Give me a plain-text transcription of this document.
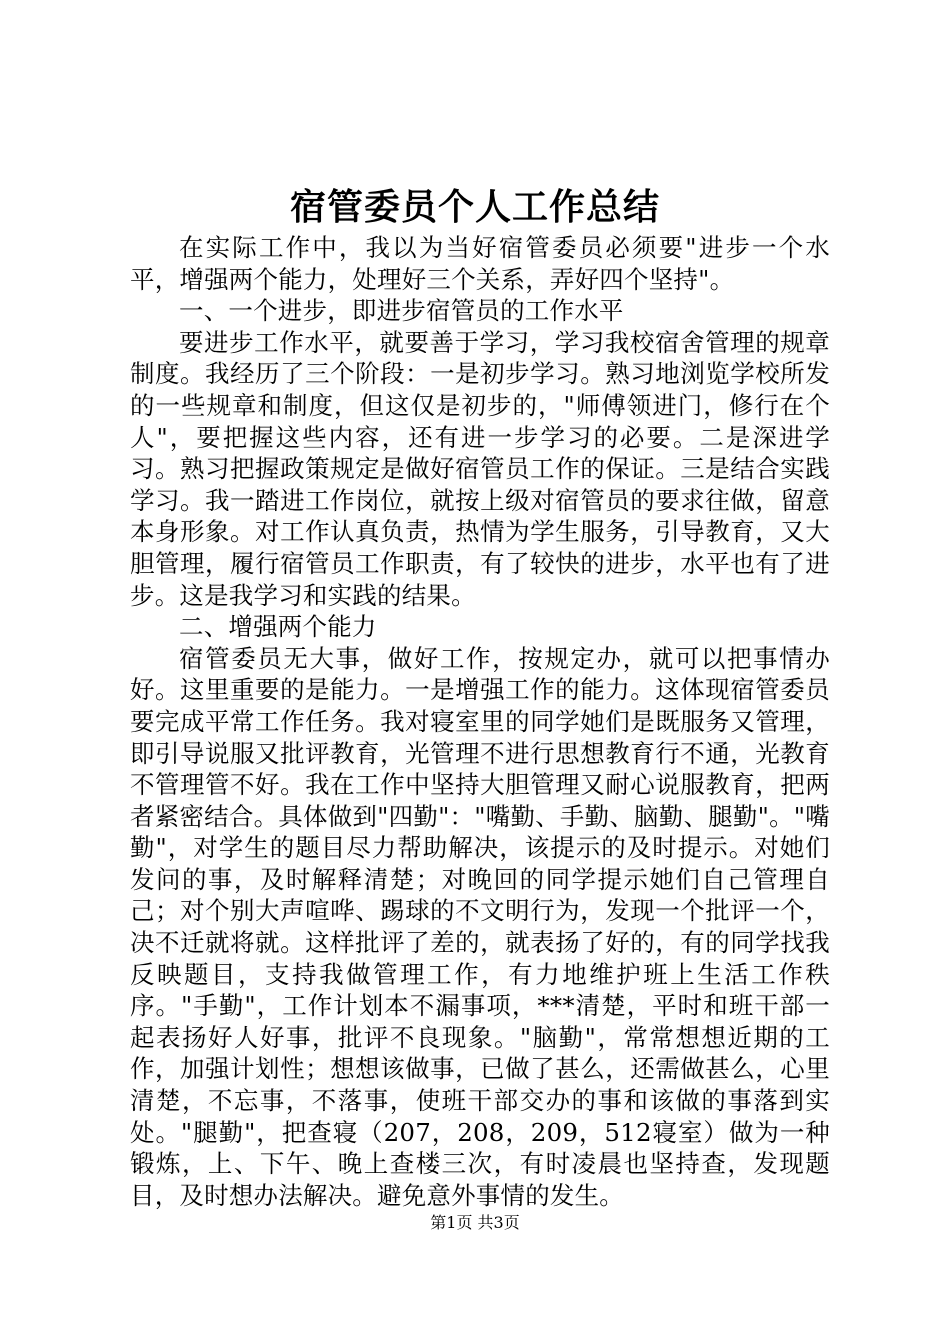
宿管委员个人工作总结

在实际工作中，我以为当好宿管委员必须要"进步一个水平，增强两个能力，处理好三个关系，弄好四个坚持"。

一、一个进步，即进步宿管员的工作水平

要进步工作水平，就要善于学习，学习我校宿舍管理的规章制度。我经历了三个阶段：一是初步学习。熟习地浏览学校所发的一些规章和制度，但这仅是初步的，"师傅领进门，修行在个人"，要把握这些内容，还有进一步学习的必要。二是深进学习。熟习把握政策规定是做好宿管员工作的保证。三是结合实践学习。我一踏进工作岗位，就按上级对宿管员的要求往做，留意本身形象。对工作认真负责，热情为学生服务，引导教育，又大胆管理，履行宿管员工作职责，有了较快的进步，水平也有了进步。这是我学习和实践的结果。

二、增强两个能力

宿管委员无大事，做好工作，按规定办，就可以把事情办好。这里重要的是能力。一是增强工作的能力。这体现宿管委员要完成平常工作任务。我对寝室里的同学她们是既服务又管理，即引导说服又批评教育，光管理不进行思想教育行不通，光教育不管理管不好。我在工作中坚持大胆管理又耐心说服教育，把两者紧密结合。具体做到"四勤"："嘴勤、手勤、脑勤、腿勤"。"嘴勤"，对学生的题目尽力帮助解决，该提示的及时提示。对她们发问的事，及时解释清楚；对晚回的同学提示她们自己管理自己；对个别大声喧哗、踢球的不文明行为，发现一个批评一个，决不迁就将就。这样批评了差的，就表扬了好的，有的同学找我反映题目，支持我做管理工作，有力地维护班上生活工作秩序。"手勤"，工作计划本不漏事项，***清楚，平时和班干部一起表扬好人好事，批评不良现象。"脑勤"，常常想想近期的工作，加强计划性；想想该做事，已做了甚么，还需做甚么，心里清楚，不忘事，不落事，使班干部交办的事和该做的事落到实处。"腿勤"，把查寝（207，208，209，512寝室）做为一种锻炼，上、下午、晚上查楼三次，有时凌晨也坚持查，发现题目，及时想办法解决。避免意外事情的发生。

第1页 共3页
